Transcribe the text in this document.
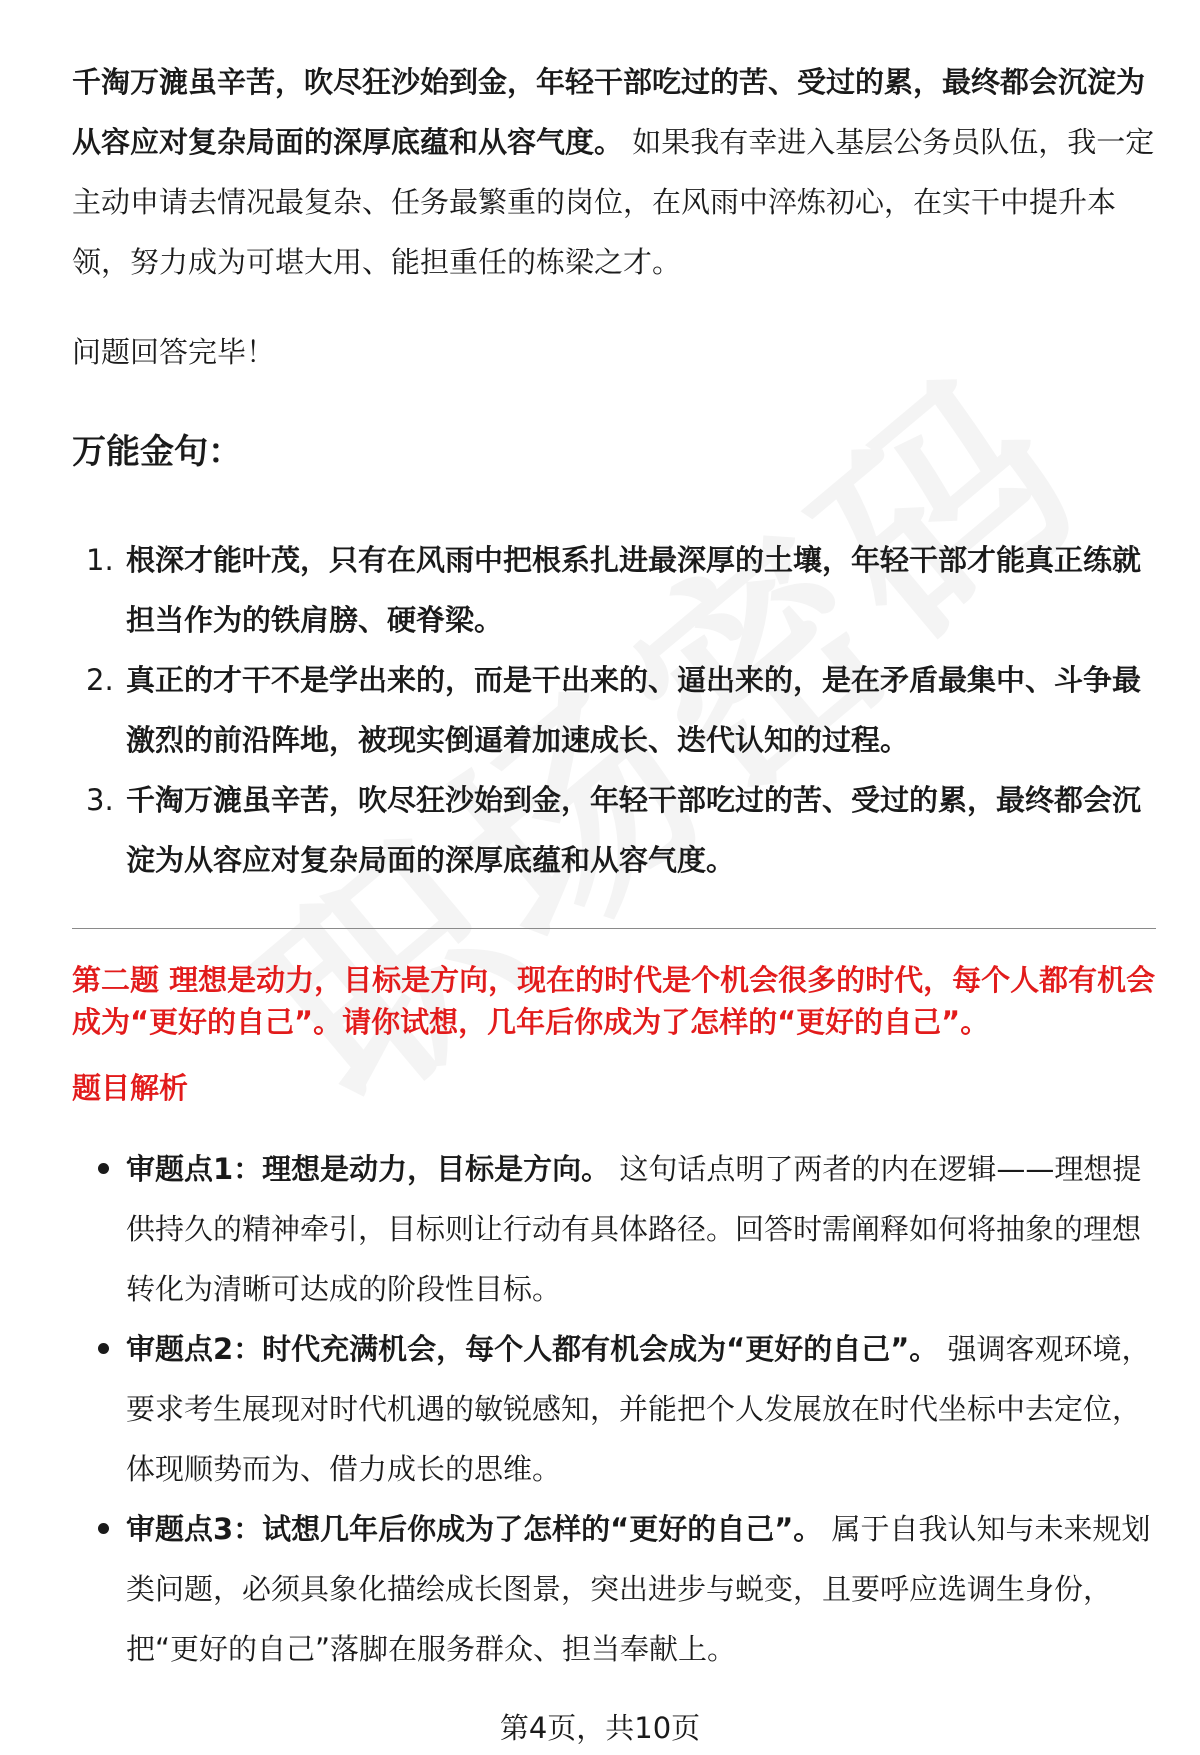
千淘万漉虽辛苦，吹尽狂沙始到金，年轻干部吃过的苦、受过的累，最终都会沉淀为从容应对复杂局面的深厚底蕴和从容气度。 如果我有幸进入基层公务员队伍，我一定主动申请去情况最复杂、任务最繁重的岗位，在风雨中淬炼初心，在实干中提升本领，努力成为可堪大用、能担重任的栋梁之才。

问题回答完毕！

万能金句：
1. 根深才能叶茂，只有在风雨中把根系扎进最深厚的土壤，年轻干部才能真正练就担当作为的铁肩膀、硬脊梁。
2. 真正的才干不是学出来的，而是干出来的、逼出来的，是在矛盾最集中、斗争最激烈的前沿阵地，被现实倒逼着加速成长、迭代认知的过程。
3. 千淘万漉虽辛苦，吹尽狂沙始到金，年轻干部吃过的苦、受过的累，最终都会沉淀为从容应对复杂局面的深厚底蕴和从容气度。

第二题 理想是动力，目标是方向，现在的时代是个机会很多的时代，每个人都有机会成为“更好的自己”。请你试想，几年后你成为了怎样的“更好的自己”。

题目解析

审题点1：理想是动力，目标是方向。 这句话点明了两者的内在逻辑——理想提供持久的精神牵引，目标则让行动有具体路径。回答时需阐释如何将抽象的理想转化为清晰可达成的阶段性目标。
审题点2：时代充满机会，每个人都有机会成为“更好的自己”。 强调客观环境，要求考生展现对时代机遇的敏锐感知，并能把个人发展放在时代坐标中去定位，体现顺势而为、借力成长的思维。
审题点3：试想几年后你成为了怎样的“更好的自己”。 属于自我认知与未来规划类问题，必须具象化描绘成长图景，突出进步与蜕变，且要呼应选调生身份，把“更好的自己”落脚在服务群众、担当奉献上。
第4页，共10页
